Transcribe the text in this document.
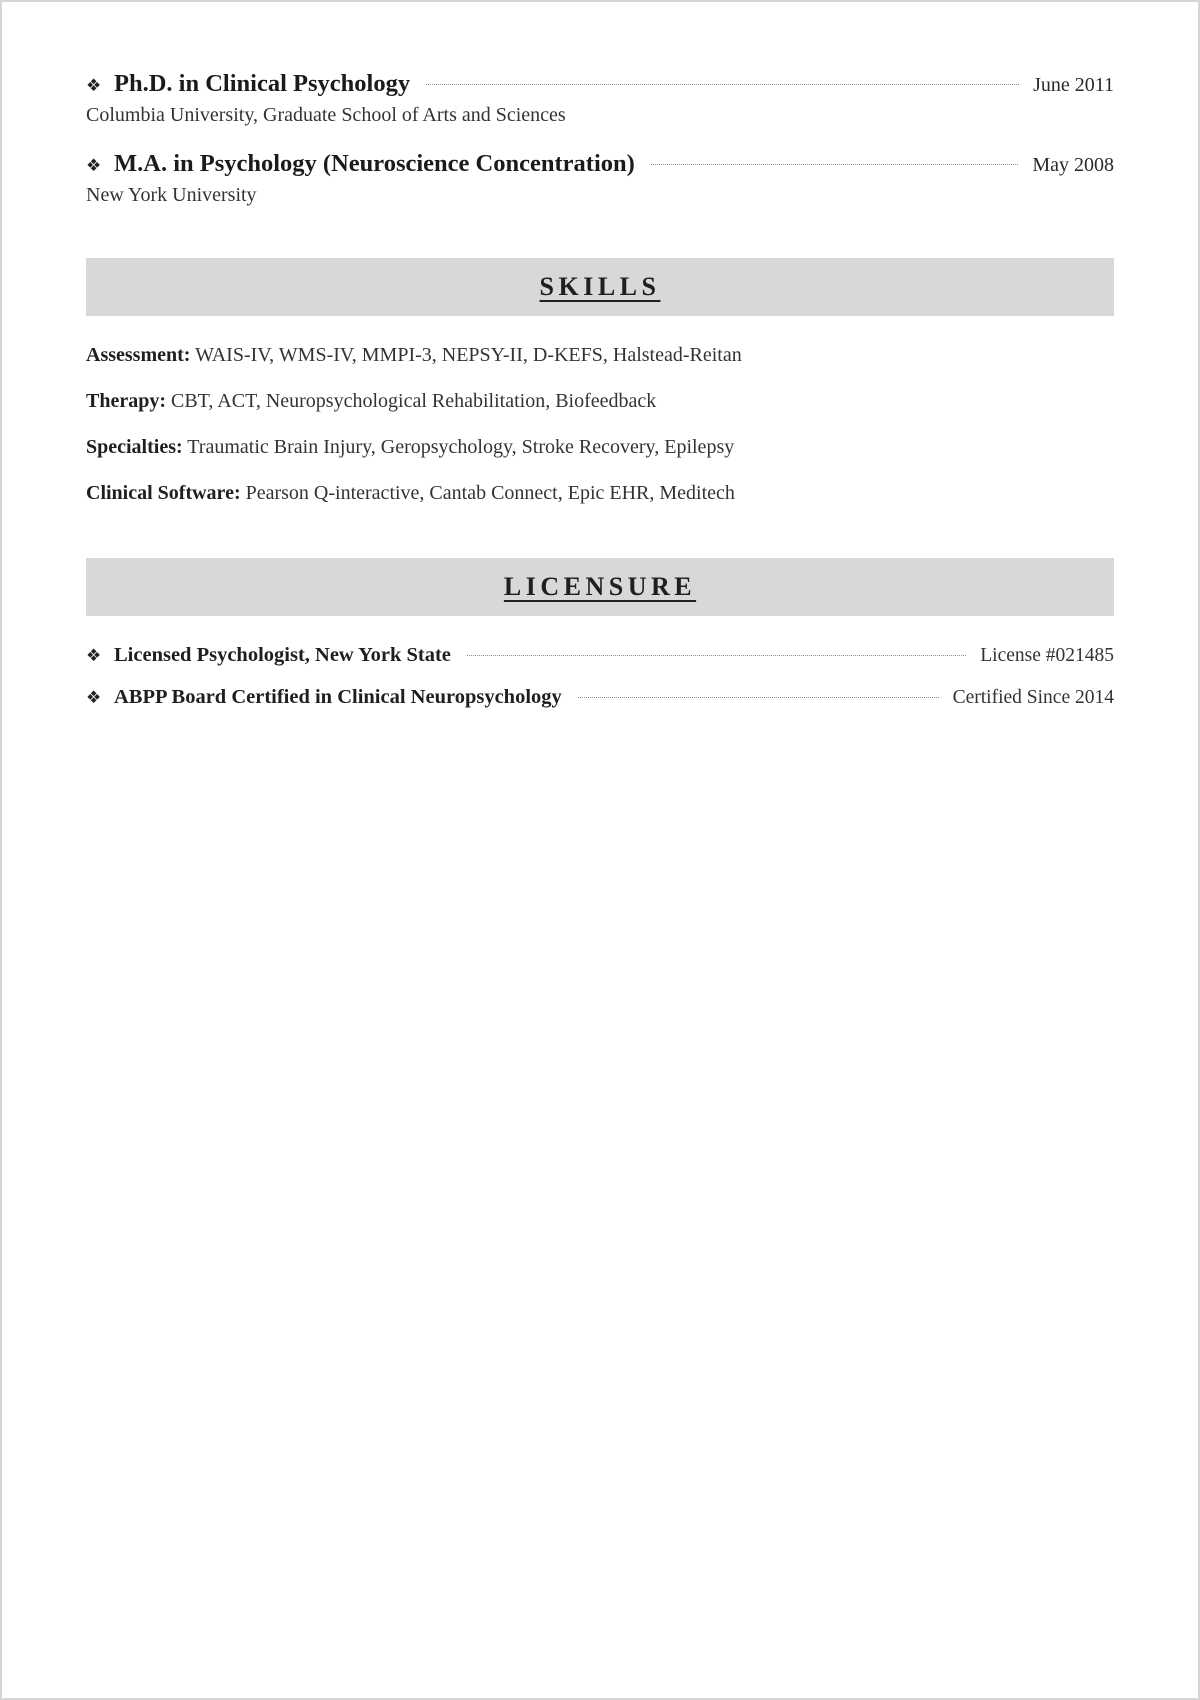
❖ Ph.D. in Clinical Psychology	June 2011
Columbia University, Graduate School of Arts and Sciences
❖ M.A. in Psychology (Neuroscience Concentration)	May 2008
New York University
SKILLS
Assessment: WAIS-IV, WMS-IV, MMPI-3, NEPSY-II, D-KEFS, Halstead-Reitan
Therapy: CBT, ACT, Neuropsychological Rehabilitation, Biofeedback
Specialties: Traumatic Brain Injury, Geropsychology, Stroke Recovery, Epilepsy
Clinical Software: Pearson Q-interactive, Cantab Connect, Epic EHR, Meditech
LICENSURE
❖ Licensed Psychologist, New York State	License #021485
❖ ABPP Board Certified in Clinical Neuropsychology	Certified Since 2014
